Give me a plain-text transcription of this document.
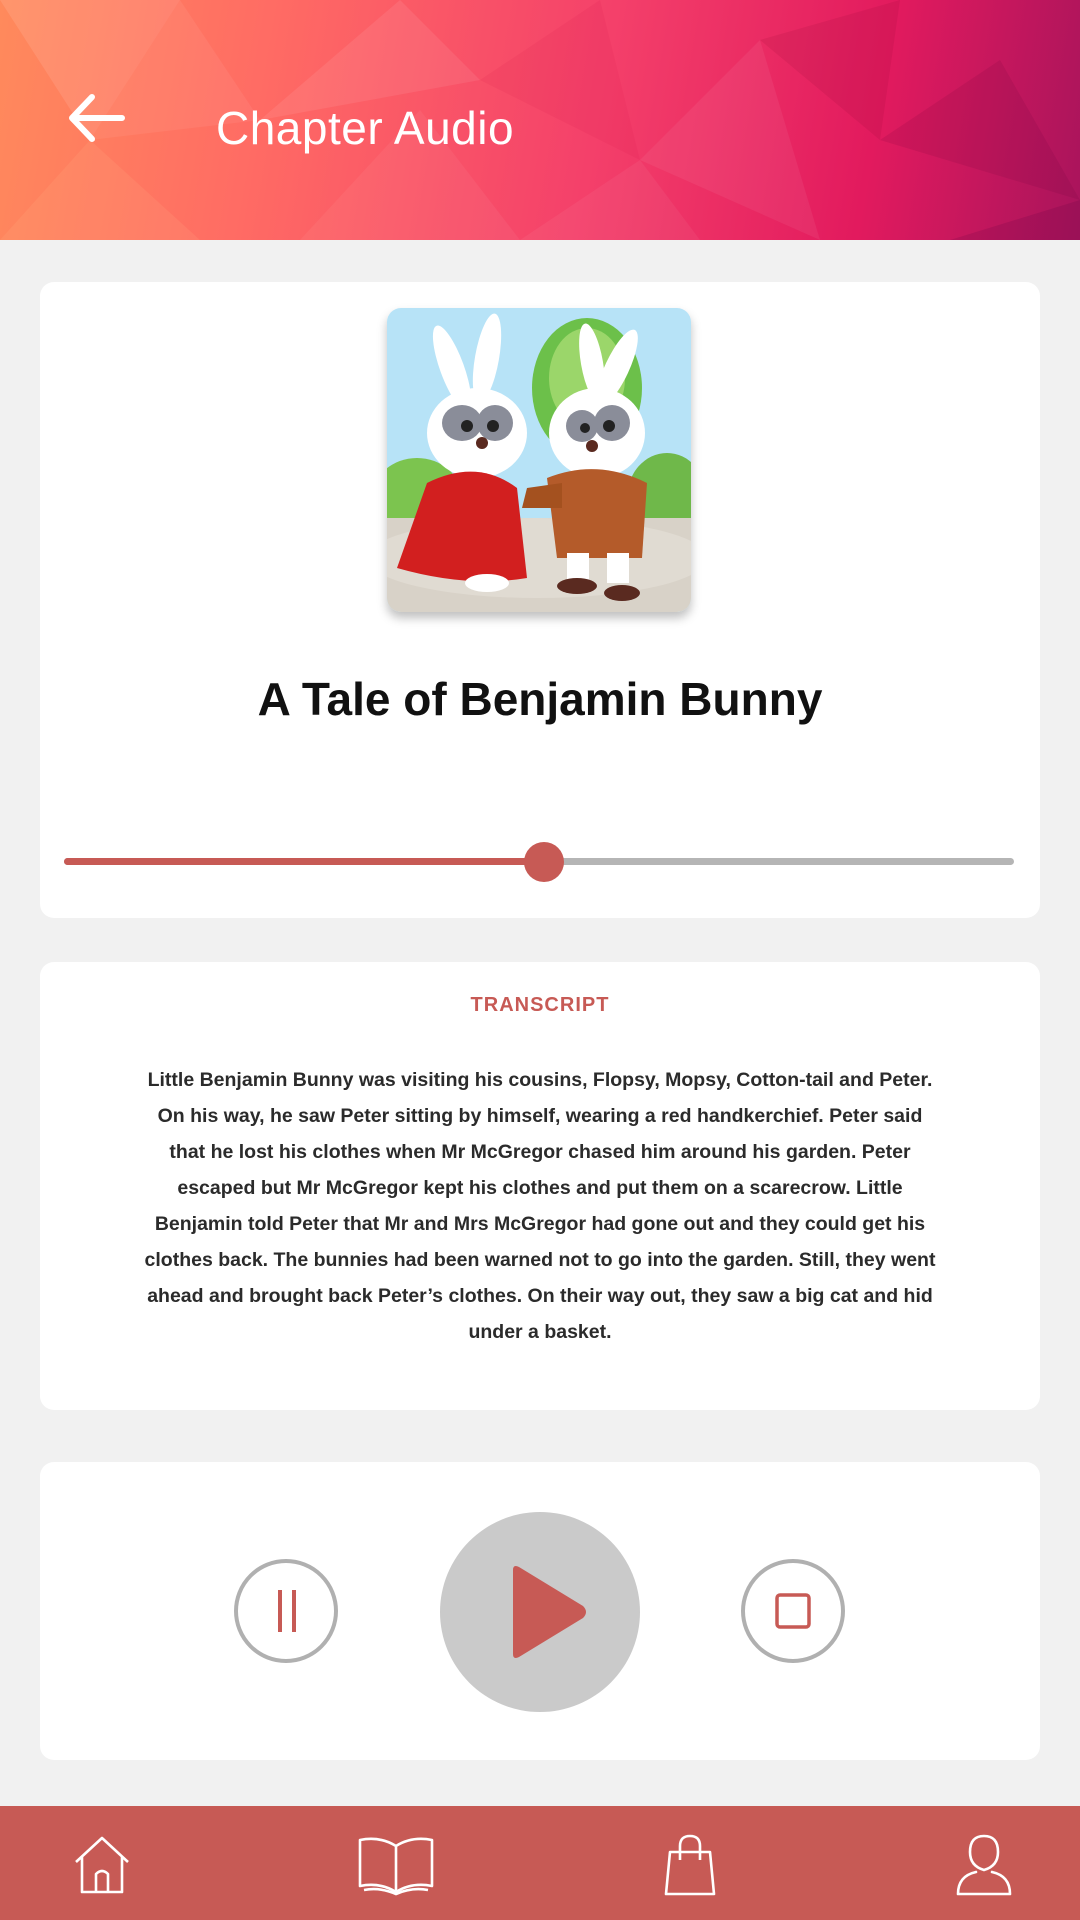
Chapter Audio
A Tale of Benjamin Bunny
TRANSCRIPT
Little Benjamin Bunny was visiting his cousins, Flopsy, Mopsy, Cotton-tail and Peter. On his way, he saw Peter sitting by himself, wearing a red handkerchief. Peter said that he lost his clothes when Mr McGregor chased him around his garden. Peter escaped but Mr McGregor kept his clothes and put them on a scarecrow. Little Benjamin told Peter that Mr and Mrs McGregor had gone out and they could get his clothes back. The bunnies had been warned not to go into the garden. Still, they went ahead and brought back Peter’s clothes. On their way out, they saw a big cat and hid under a basket.
